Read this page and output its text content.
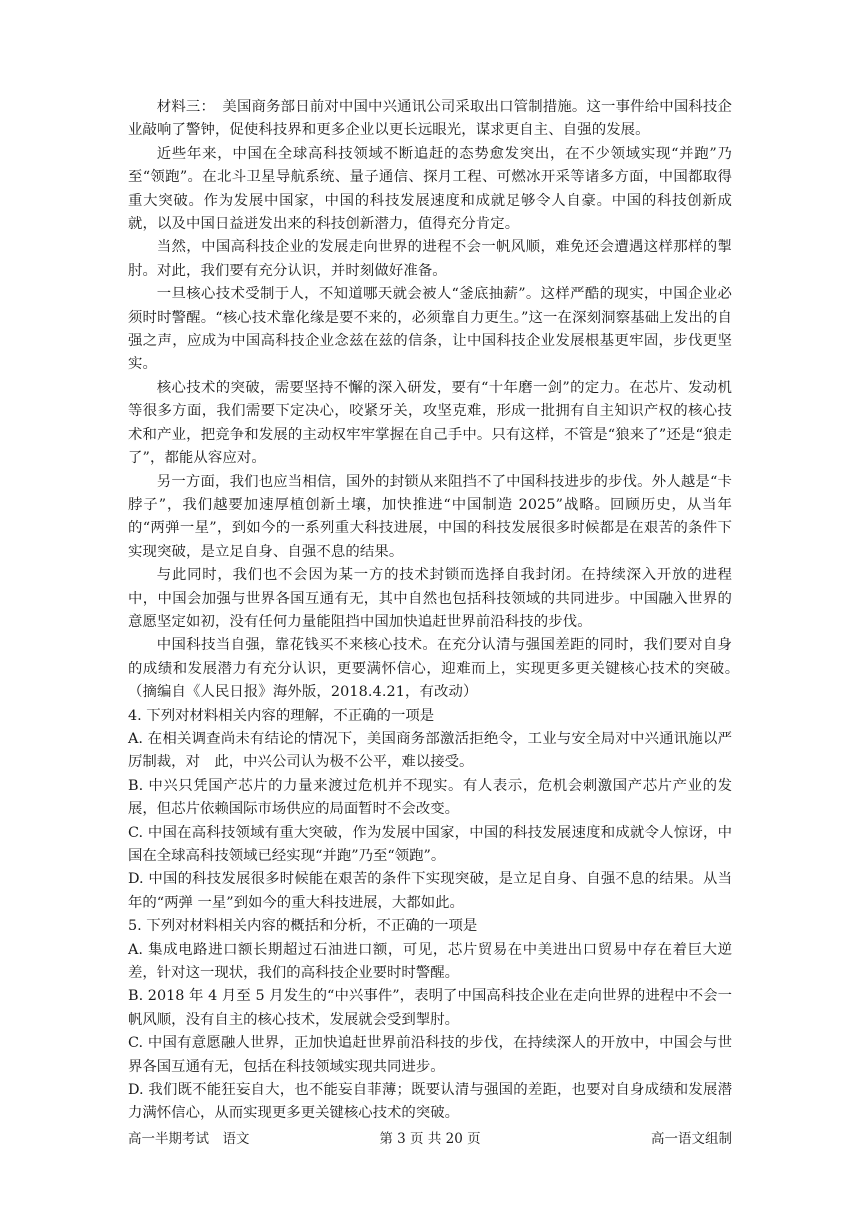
材料三：　美国商务部日前对中国中兴通讯公司采取出口管制措施。这一事件给中国科技企业敲响了警钟，促使科技界和更多企业以更长远眼光，谋求更自主、自强的发展。

近些年来，中国在全球高科技领域不断追赶的态势愈发突出，在不少领域实现“并跑”乃至“领跑”。在北斗卫星导航系统、量子通信、探月工程、可燃冰开采等诸多方面，中国都取得重大突破。作为发展中国家，中国的科技发展速度和成就足够令人自豪。中国的科技创新成就，以及中国日益迸发出来的科技创新潜力，值得充分肯定。

当然，中国高科技企业的发展走向世界的进程不会一帆风顺，难免还会遭遇这样那样的掣肘。对此，我们要有充分认识，并时刻做好准备。

一旦核心技术受制于人，不知道哪天就会被人“釜底抽薪”。这样严酷的现实，中国企业必须时时警醒。“核心技术靠化缘是要不来的，必须靠自力更生。”这一在深刻洞察基础上发出的自强之声，应成为中国高科技企业念兹在兹的信条，让中国科技企业发展根基更牢固，步伐更坚实。

核心技术的突破，需要坚持不懈的深入研发，要有“十年磨一剑”的定力。在芯片、发动机等很多方面，我们需要下定决心，咬紧牙关，攻坚克难，形成一批拥有自主知识产权的核心技术和产业，把竞争和发展的主动权牢牢掌握在自己手中。只有这样，不管是“狼来了”还是“狼走了”，都能从容应对。

另一方面，我们也应当相信，国外的封锁从来阻挡不了中国科技进步的步伐。外人越是“卡脖子”，我们越要加速厚植创新土壤，加快推进“中国制造 2025”战略。回顾历史，从当年的“两弹一星”，到如今的一系列重大科技进展，中国的科技发展很多时候都是在艰苦的条件下实现突破，是立足自身、自强不息的结果。

与此同时，我们也不会因为某一方的技术封锁而选择自我封闭。在持续深入开放的进程中，中国会加强与世界各国互通有无，其中自然也包括科技领域的共同进步。中国融入世界的意愿坚定如初，没有任何力量能阻挡中国加快追赶世界前沿科技的步伐。

中国科技当自强，靠花钱买不来核心技术。在充分认清与强国差距的同时，我们要对自身的成绩和发展潜力有充分认识，更要满怀信心，迎难而上，实现更多更关键核心技术的突破。　　（摘编自《人民日报》海外版，2018.4.21，有改动）

4. 下列对材料相关内容的理解，不正确的一项是

A. 在相关调查尚未有结论的情况下，美国商务部激活拒绝令，工业与安全局对中兴通讯施以严厉制裁，对　此，中兴公司认为极不公平，难以接受。

B. 中兴只凭国产芯片的力量来渡过危机并不现实。有人表示，危机会刺激国产芯片产业的发展，但芯片依赖国际市场供应的局面暂时不会改变。

C. 中国在高科技领域有重大突破，作为发展中国家，中国的科技发展速度和成就令人惊讶，中国在全球高科技领域已经实现“并跑”乃至“领跑”。

D. 中国的科技发展很多时候能在艰苦的条件下实现突破，是立足自身、自强不息的结果。从当年的“两弹 一星”到如今的重大科技进展，大都如此。

5. 下列对材料相关内容的概括和分析，不正确的一项是

A. 集成电路进口额长期超过石油进口额，可见，芯片贸易在中美进出口贸易中存在着巨大逆差，针对这一现状，我们的高科技企业要时时警醒。

B. 2018 年 4 月至 5 月发生的“中兴事件”，表明了中国高科技企业在走向世界的进程中不会一帆风顺，没有自主的核心技术，发展就会受到掣肘。

C. 中国有意愿融人世界，正加快追赶世界前沿科技的步伐，在持续深人的开放中，中国会与世界各国互通有无，包括在科技领域实现共同进步。

D. 我们既不能狂妄自大，也不能妄自菲薄；既要认清与强国的差距，也要对自身成绩和发展潜力满怀信心，从而实现更多更关键核心技术的突破。

高一半期考试　语文	第 3 页 共 20 页	高一语文组制
